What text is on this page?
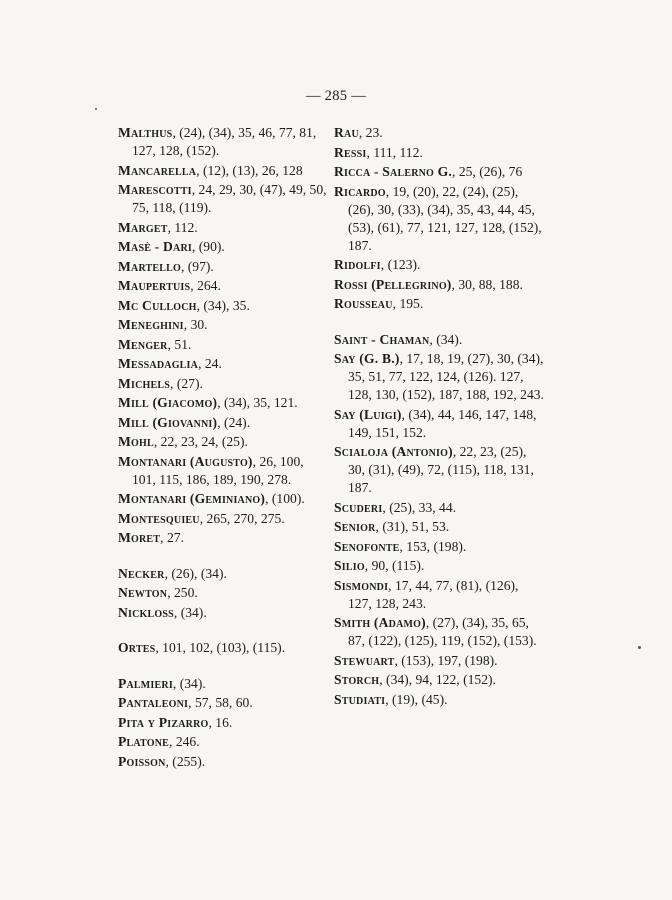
— 285 —
Malthus, (24), (34), 35, 46, 77, 81, 127, 128, (152).
Mancarella, (12), (13), 26, 128
Marescotti, 24, 29, 30, (47), 49, 50, 75, 118, (119).
Marget, 112.
Masè - Dari, (90).
Martello, (97).
Maupertuis, 264.
Mc Culloch, (34), 35.
Meneghini, 30.
Menger, 51.
Messadaglia, 24.
Michels, (27).
Mill (Giacomo), (34), 35, 121.
Mill (Giovanni), (24).
Mohl, 22, 23, 24, (25).
Montanari (Augusto), 26, 100, 101, 115, 186, 189, 190, 278.
Montanari (Geminiano), (100).
Montesquieu, 265, 270, 275.
Moret, 27.
Necker, (26), (34).
Newton, 250.
Nickloss, (34).
Ortes, 101, 102, (103), (115).
Palmieri, (34).
Pantaleoni, 57, 58, 60.
Pita y Pizarro, 16.
Platone, 246.
Poisson, (255).
Rau, 23.
Ressi, 111, 112.
Ricca - Salerno G., 25, (26), 76
Ricardo, 19, (20), 22, (24), (25), (26), 30, (33), (34), 35, 43, 44, 45, (53), (61), 77, 121, 127, 128, (152), 187.
Ridolfi, (123).
Rossi (Pellegrino), 30, 88, 188.
Rousseau, 195.
Saint - Chaman, (34).
Say (G. B.), 17, 18, 19, (27), 30, (34), 35, 51, 77, 122, 124, (126). 127, 128, 130, (152), 187, 188, 192, 243.
Say (Luigi), (34), 44, 146, 147, 148, 149, 151, 152.
Scialoja (Antonio), 22, 23, (25), 30, (31), (49), 72, (115), 118, 131, 187.
Scuderi, (25), 33, 44.
Senior, (31), 51, 53.
Senofonte, 153, (198).
Silio, 90, (115).
Sismondi, 17, 44, 77, (81), (126), 127, 128, 243.
Smith (Adamo), (27), (34), 35, 65, 87, (122), (125), 119, (152), (153).
Stewuart, (153), 197, (198).
Storch, (34), 94, 122, (152).
Studiati, (19), (45).
